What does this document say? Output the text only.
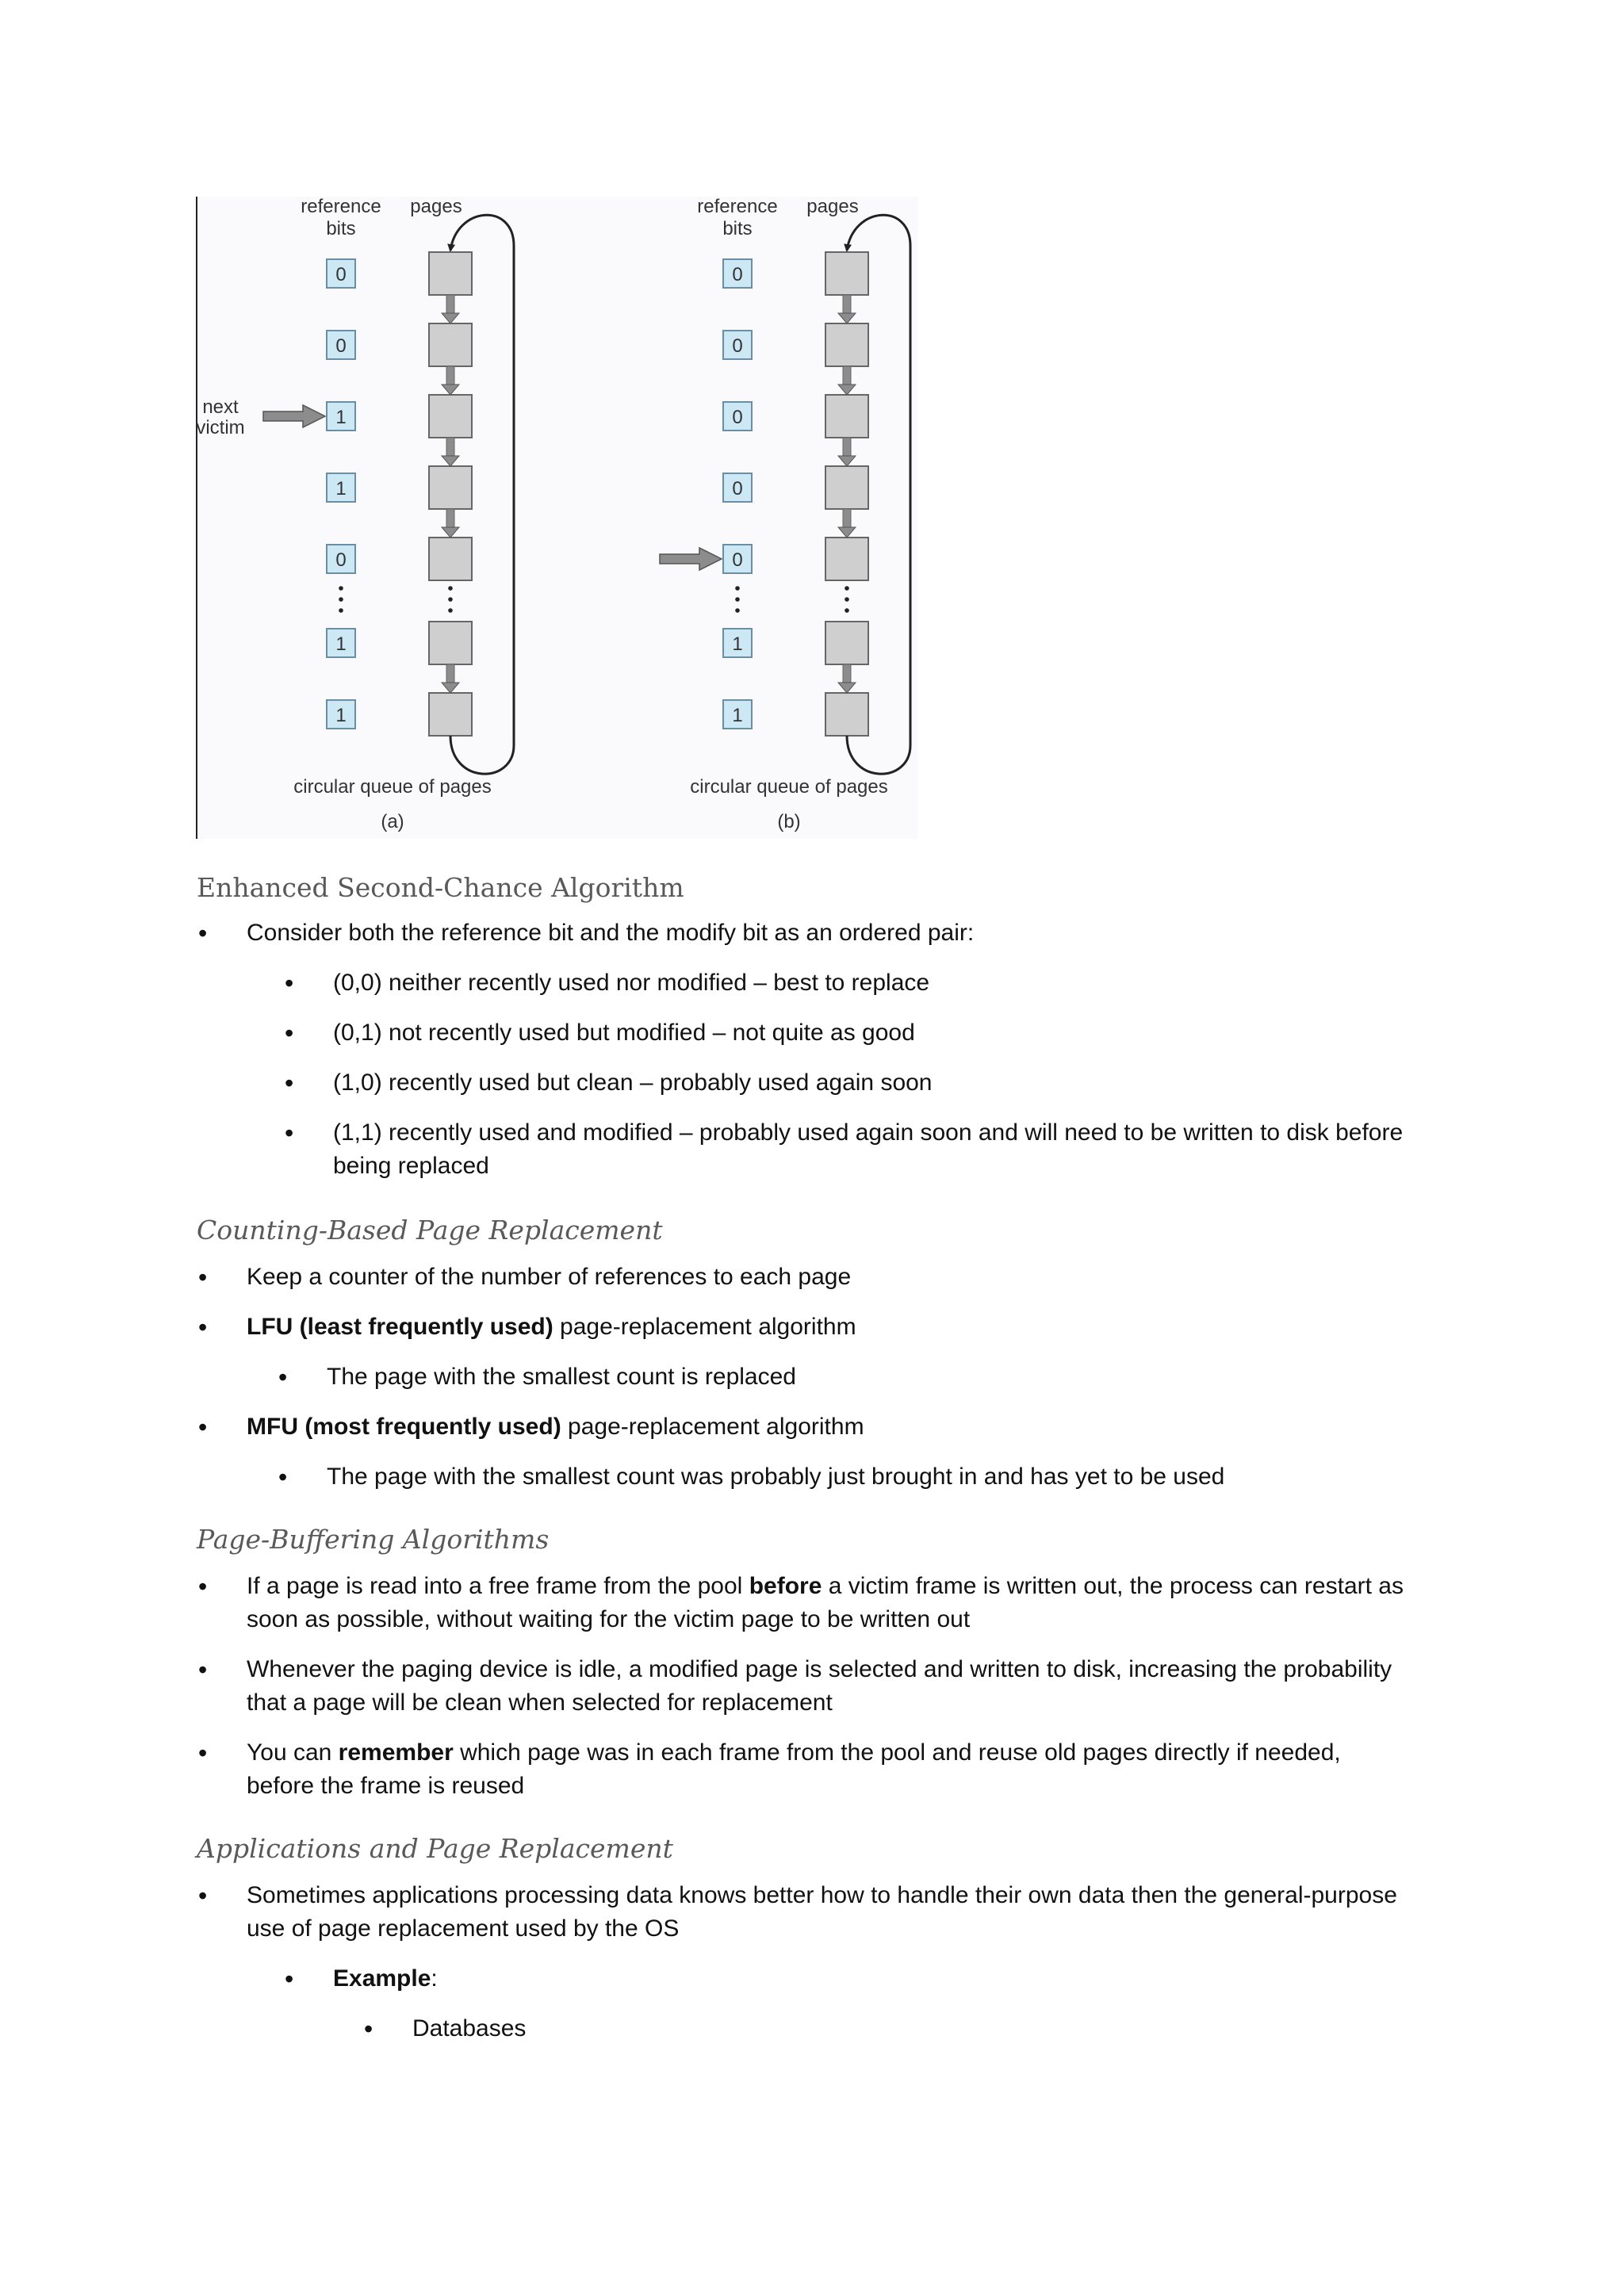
reference
bits
pages
0
0
1
1
0
1
1
next
victim
circular queue of pages
(a)
reference
bits
pages
0
0
0
0
0
1
1
circular queue of pages
(b)
Enhanced Second-Chance Algorithm
• Consider both the reference bit and the modify bit as an ordered pair:
• (0,0) neither recently used nor modified – best to replace
• (0,1) not recently used but modified – not quite as good
• (1,0) recently used but clean – probably used again soon
• (1,1) recently used and modified – probably used again soon and will need to be written to disk before being replaced
Counting-Based Page Replacement
• Keep a counter of the number of references to each page
• LFU (least frequently used) page-replacement algorithm
• The page with the smallest count is replaced
• MFU (most frequently used) page-replacement algorithm
• The page with the smallest count was probably just brought in and has yet to be used
Page-Buffering Algorithms
• If a page is read into a free frame from the pool before a victim frame is written out, the process can restart as soon as possible, without waiting for the victim page to be written out
• Whenever the paging device is idle, a modified page is selected and written to disk, increasing the probability that a page will be clean when selected for replacement
• You can remember which page was in each frame from the pool and reuse old pages directly if needed, before the frame is reused
Applications and Page Replacement
• Sometimes applications processing data knows better how to handle their own data then the general-purpose use of page replacement used by the OS
• Example:
• Databases
